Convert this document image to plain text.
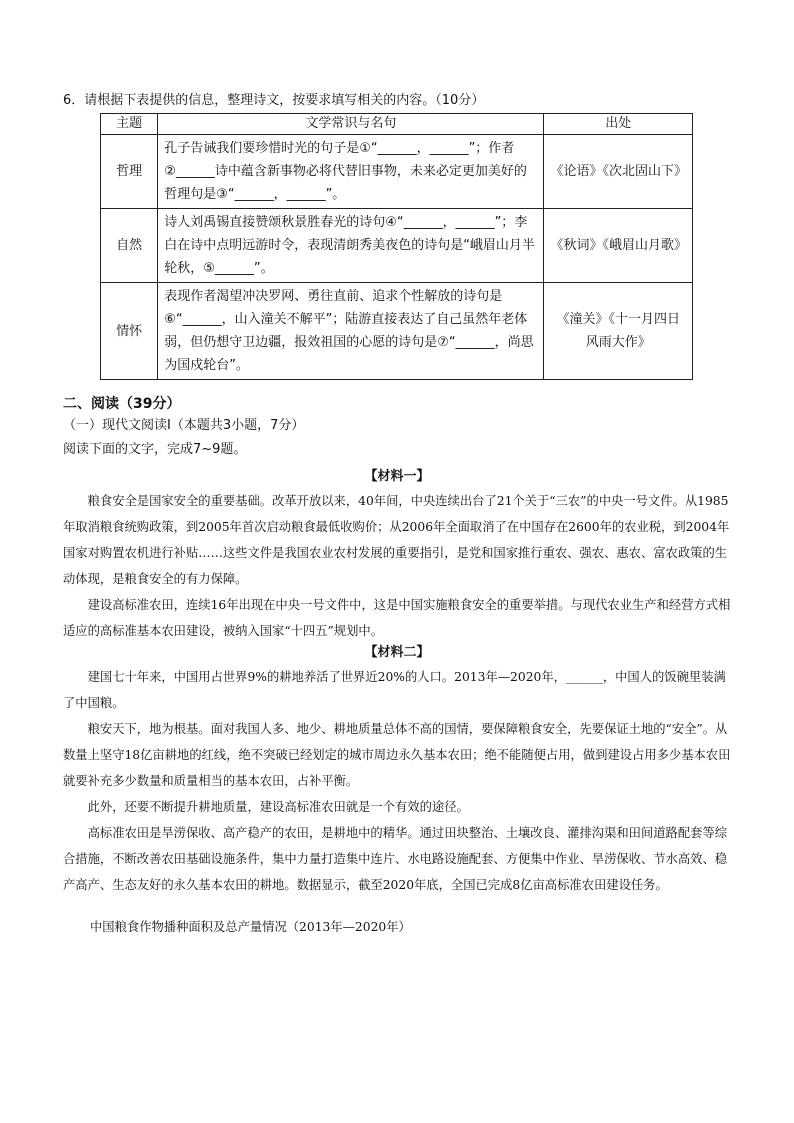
6．请根据下表提供的信息，整理诗文，按要求填写相关的内容。（10分）
主题	文学常识与名句	出处
哲理	孔子告诫我们要珍惜时光的句子是①“______，______”；作者②______诗中蕴含新事物必将代替旧事物，未来必定更加美好的哲理句是③“______，______”。	《论语》《次北固山下》
自然	诗人刘禹锡直接赞颂秋景胜春光的诗句④“______，______”；李白在诗中点明远游时令，表现清朗秀美夜色的诗句是“峨眉山月半轮秋，⑤______”。	《秋词》《峨眉山月歌》
情怀	表现作者渴望冲决罗网、勇往直前、追求个性解放的诗句是⑥“______，山入潼关不解平”；陆游直接表达了自己虽然年老体弱，但仍想守卫边疆，报效祖国的心愿的诗句是⑦“______，尚思为国戍轮台”。	《潼关》《十一月四日风雨大作》
二、阅读（39分）
（一）现代文阅读Ⅰ（本题共3小题，7分）
阅读下面的文字，完成7~9题。
【材料一】
粮食安全是国家安全的重要基础。改革开放以来，40年间，中央连续出台了21个关于“三农”的中央一号文件。从1985年取消粮食统购政策，到2005年首次启动粮食最低收购价；从2006年全面取消了在中国存在2600年的农业税，到2004年国家对购置农机进行补贴……这些文件是我国农业农村发展的重要指引，是党和国家推行重农、强农、惠农、富农政策的生动体现，是粮食安全的有力保障。
建设高标准农田，连续16年出现在中央一号文件中，这是中国实施粮食安全的重要举措。与现代农业生产和经营方式相适应的高标准基本农田建设，被纳入国家“十四五”规划中。
【材料二】
建国七十年来，中国用占世界9%的耕地养活了世界近20%的人口。2013年—2020年，______，中国人的饭碗里装满了中国粮。
粮安天下，地为根基。面对我国人多、地少、耕地质量总体不高的国情，要保障粮食安全，先要保证土地的“安全”。从数量上坚守18亿亩耕地的红线，绝不突破已经划定的城市周边永久基本农田；绝不能随便占用，做到建设占用多少基本农田就要补充多少数量和质量相当的基本农田，占补平衡。
此外，还要不断提升耕地质量，建设高标准农田就是一个有效的途径。
高标准农田是旱涝保收、高产稳产的农田，是耕地中的精华。通过田块整治、土壤改良、灌排沟渠和田间道路配套等综合措施，不断改善农田基础设施条件，集中力量打造集中连片、水电路设施配套、方便集中作业、旱涝保收、节水高效、稳产高产、生态友好的永久基本农田的耕地。数据显示，截至2020年底，全国已完成8亿亩高标准农田建设任务。
中国粮食作物播种面积及总产量情况（2013年—2020年）
